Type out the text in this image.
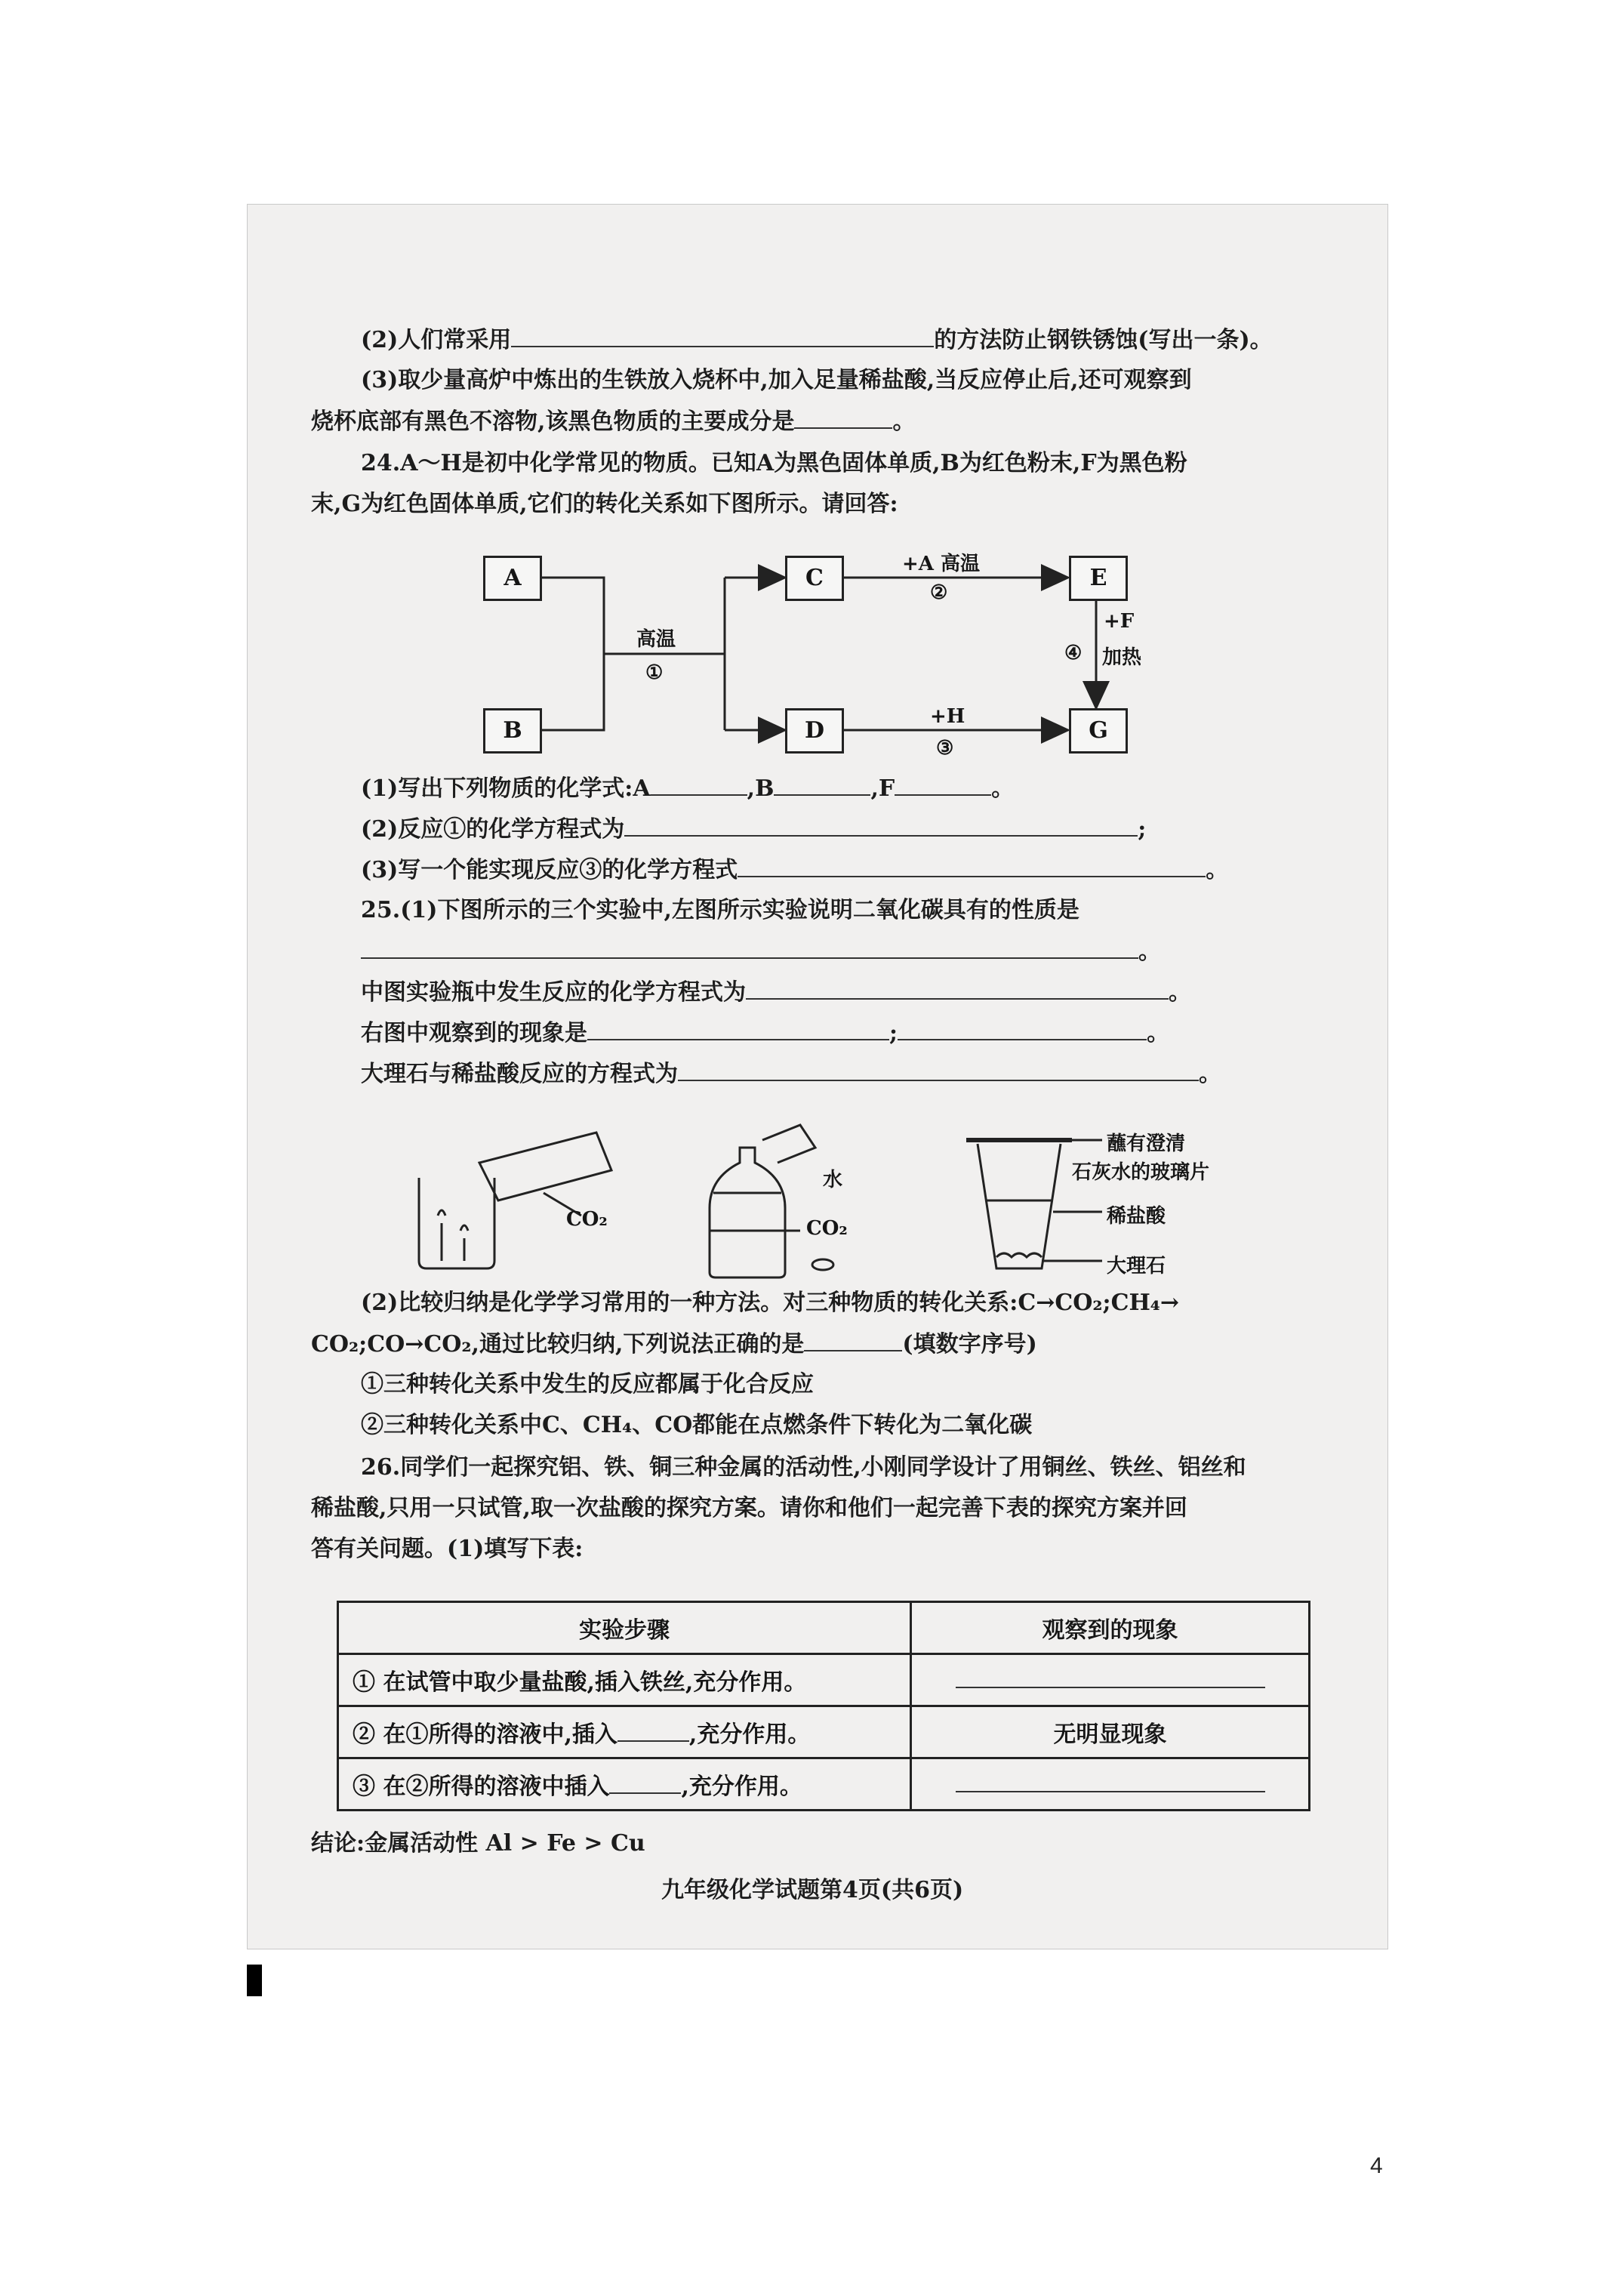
4
(2)人们常采用	的方法防止钢铁锈蚀(写出一条)。
(3)取少量高炉中炼出的生铁放入烧杯中,加入足量稀盐酸,当反应停止后,还可观察到
烧杯底部有黑色不溶物,该黑色物质的主要成分是	。
24.A～H是初中化学常见的物质。已知A为黑色固体单质,B为红色粉末,F为黑色粉
末,G为红色固体单质,它们的转化关系如下图所示。请回答:
A
B
C
D
E
G
高温
①
+A 高温
②
+H
③
+F
④ 加热
(1)写出下列物质的化学式:A	,B	,F	。
(2)反应①的化学方程式为	;
(3)写一个能实现反应③的化学方程式	。
25.(1)下图所示的三个实验中,左图所示实验说明二氧化碳具有的性质是
。
中图实验瓶中发生反应的化学方程式为	。
右图中观察到的现象是	;	。
大理石与稀盐酸反应的方程式为	。
CO₂
水
CO₂
蘸有澄清
石灰水的玻璃片
稀盐酸
大理石
(2)比较归纳是化学学习常用的一种方法。对三种物质的转化关系:C→CO₂;CH₄→
CO₂;CO→CO₂,通过比较归纳,下列说法正确的是	(填数字序号)
①三种转化关系中发生的反应都属于化合反应
②三种转化关系中C、CH₄、CO都能在点燃条件下转化为二氧化碳
26.同学们一起探究铝、铁、铜三种金属的活动性,小刚同学设计了用铜丝、铁丝、铝丝和
稀盐酸,只用一只试管,取一次盐酸的探究方案。请你和他们一起完善下表的探究方案并回
答有关问题。(1)填写下表:
实验步骤	观察到的现象
① 在试管中取少量盐酸,插入铁丝,充分作用。	
② 在①所得的溶液中,插入 ,充分作用。	无明显现象
③ 在②所得的溶液中插入 ,充分作用。	
结论:金属活动性 Al > Fe > Cu
九年级化学试题第4页(共6页)
